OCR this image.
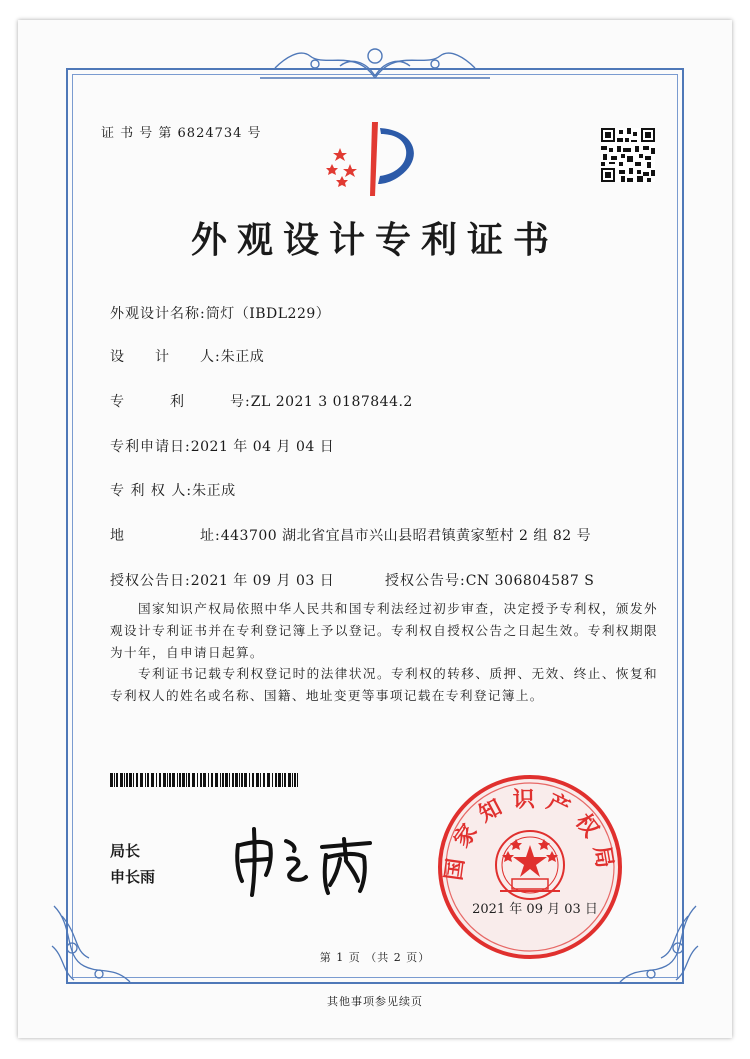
证 书 号 第 6824734 号
外观设计专利证书
外观设计名称:筒灯（IBDL229）
设　　计　　人:朱正成
专　　　利　　　号:ZL 2021 3 0187844.2
专利申请日:2021 年 04 月 04 日
专 利 权 人:朱正成
地　　　　　址:443700 湖北省宜昌市兴山县昭君镇黄家堑村 2 组 82 号
授权公告日:2021 年 09 月 03 日	授权公告号:CN 306804587 S
国家知识产权局依照中华人民共和国专利法经过初步审查，决定授予专利权，颁发外观设计专利证书并在专利登记簿上予以登记。专利权自授权公告之日起生效。专利权期限为十年，自申请日起算。
专利证书记载专利权登记时的法律状况。专利权的转移、质押、无效、终止、恢复和专利权人的姓名或名称、国籍、地址变更等事项记载在专利登记簿上。
局长
申长雨	国家知识产权局
2021 年 09 月 03 日
第 1 页 （共 2 页）
其他事项参见续页
